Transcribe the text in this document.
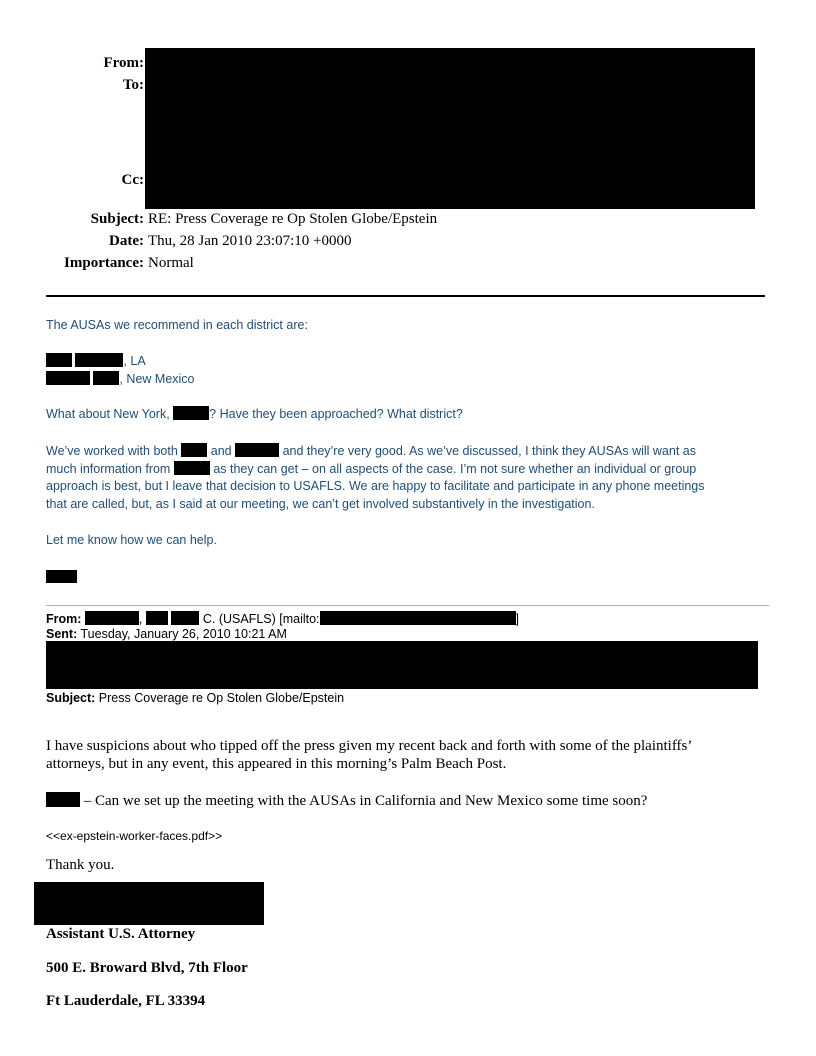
From:
To:
Cc:
Subject: RE: Press Coverage re Op Stolen Globe/Epstein
Date: Thu, 28 Jan 2010 23:07:10 +0000
Importance: Normal
The AUSAs we recommend in each district are:
, LA
, New Mexico
What about New York,	? Have they been approached? What district?
We’ve worked with both	and	and they’re very good. As we’ve discussed, I think they AUSAs will want as
much information from	as they can get – on all aspects of the case. I’m not sure whether an individual or group
approach is best, but I leave that decision to USAFLS. We are happy to facilitate and participate in any phone meetings
that are called, but, as I said at our meeting, we can’t get involved substantively in the investigation.
Let me know how we can help.
From:	,	C. (USAFLS) [mailto:	]
Sent: Tuesday, January 26, 2010 10:21 AM
Subject: Press Coverage re Op Stolen Globe/Epstein
I have suspicions about who tipped off the press given my recent back and forth with some of the plaintiffs’
attorneys, but in any event, this appeared in this morning’s Palm Beach Post.
– Can we set up the meeting with the AUSAs in California and New Mexico some time soon?
<<ex-epstein-worker-faces.pdf>>
Thank you.
Assistant U.S. Attorney
500 E. Broward Blvd, 7th Floor
Ft Lauderdale, FL 33394
